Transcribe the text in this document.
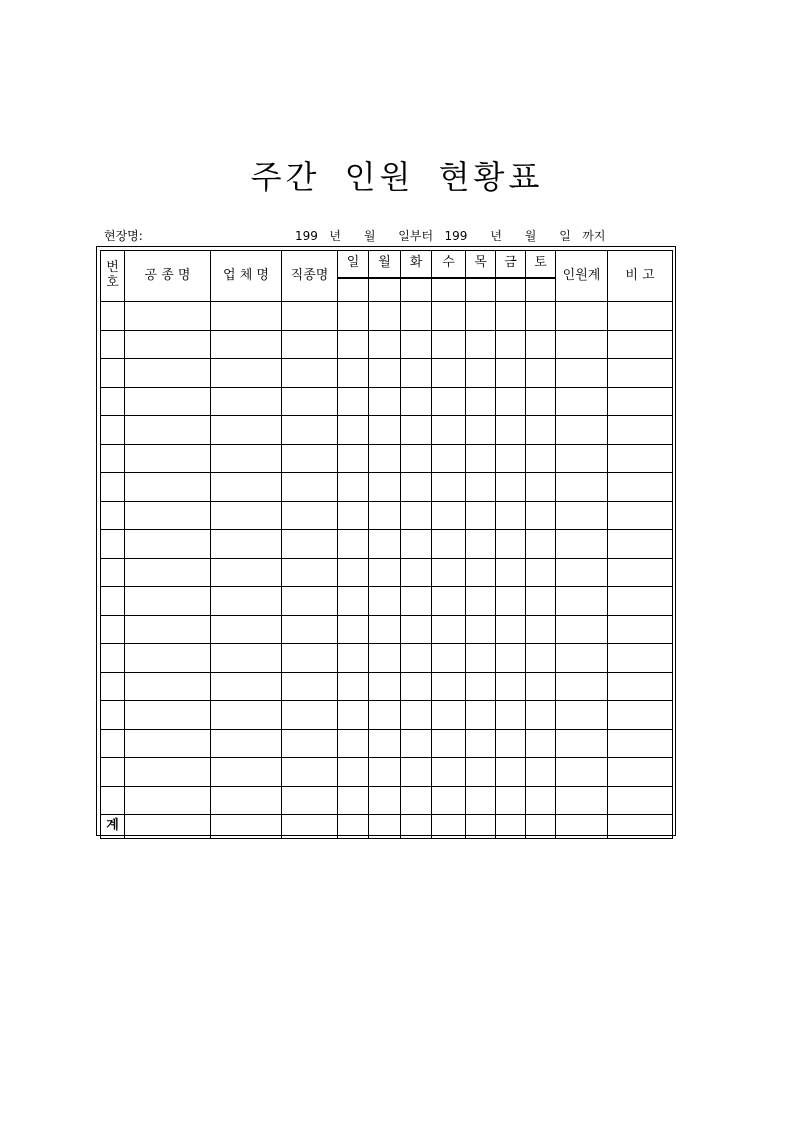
주간 인원 현황표
현장명:	199   년      월      일부터   199      년      월      일   까지
번
호	공 종 명	업 체 명	직종명	일	월	화	수	목	금	토	인원계	비 고

계												
